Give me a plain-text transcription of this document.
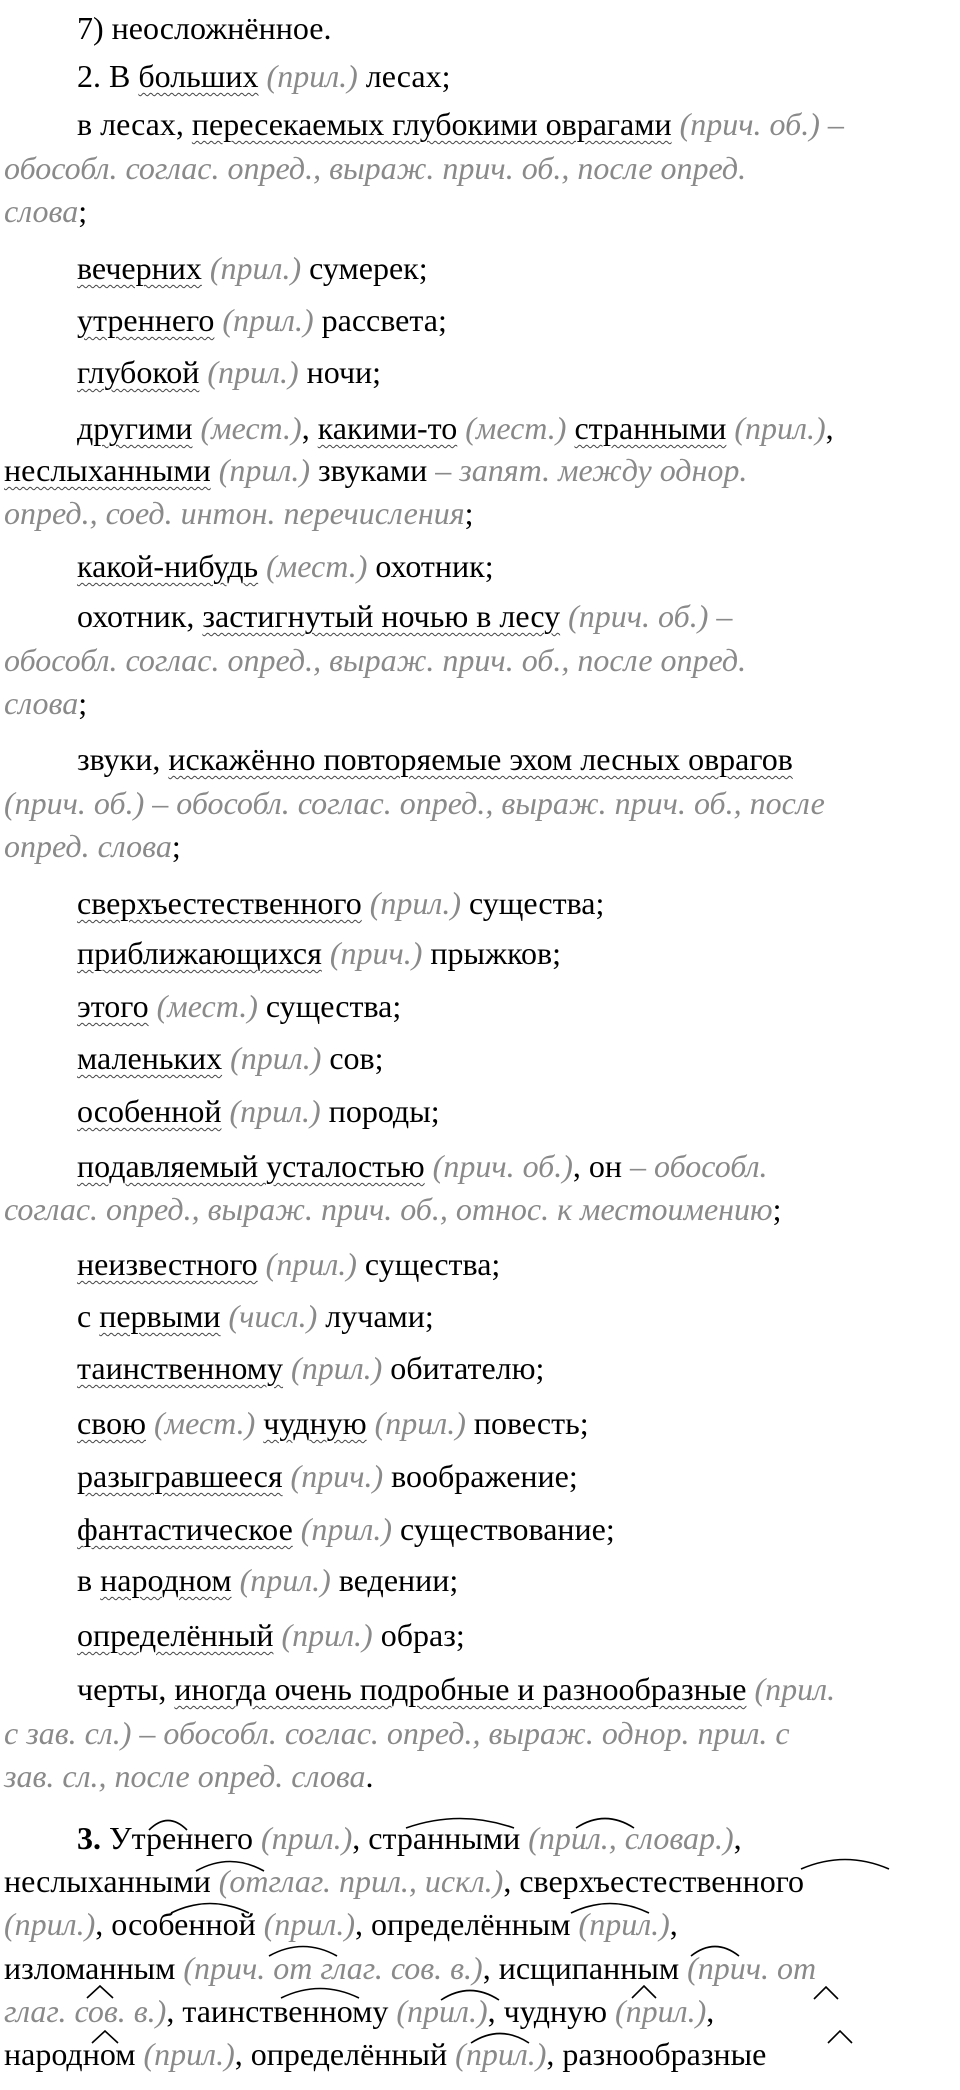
7) неосложнённое.
2. В больших (прил.) лесах;
в лесах, пересекаемых глубокими оврагами (прич. об.) –
обособл. соглас. опред., выраж. прич. об., после опред.
слова;
вечерних (прил.) сумерек;
утреннего (прил.) рассвета;
глубокой (прил.) ночи;
другими (мест.), какими-то (мест.) странными (прил.),
неслыханными (прил.) звуками – запят. между однор.
опред., соед. интон. перечисления;
какой-нибудь (мест.) охотник;
охотник, застигнутый ночью в лесу (прич. об.) –
обособл. соглас. опред., выраж. прич. об., после опред.
слова;
звуки, искажённо повторяемые эхом лесных оврагов
(прич. об.) – обособл. соглас. опред., выраж. прич. об., после
опред. слова;
сверхъестественного (прил.) существа;
приближающихся (прич.) прыжков;
этого (мест.) существа;
маленьких (прил.) сов;
особенной (прил.) породы;
подавляемый усталостью (прич. об.), он – обособл.
соглас. опред., выраж. прич. об., относ. к местоимению;
неизвестного (прил.) существа;
с первыми (числ.) лучами;
таинственному (прил.) обитателю;
свою (мест.) чудную (прил.) повесть;
разыгравшееся (прич.) воображение;
фантастическое (прил.) существование;
в народном (прил.) ведении;
определённый (прил.) образ;
черты, иногда очень подробные и разнообразные (прил.
с зав. сл.) – обособл. соглас. опред., выраж. однор. прил. с
зав. сл., после опред. слова.
3. Утреннего (прил.), странными (прил., словар.),
неслыханными (отглаг. прил., искл.), сверхъестественного
(прил.), особенной (прил.), определённым (прил.),
изломанным (прич. от глаг. сов. в.), исщипанным (прич. от
глаг. сов. в.), таинственному (прил.), чудную (прил.),
народном (прил.), определённый (прил.), разнообразные
